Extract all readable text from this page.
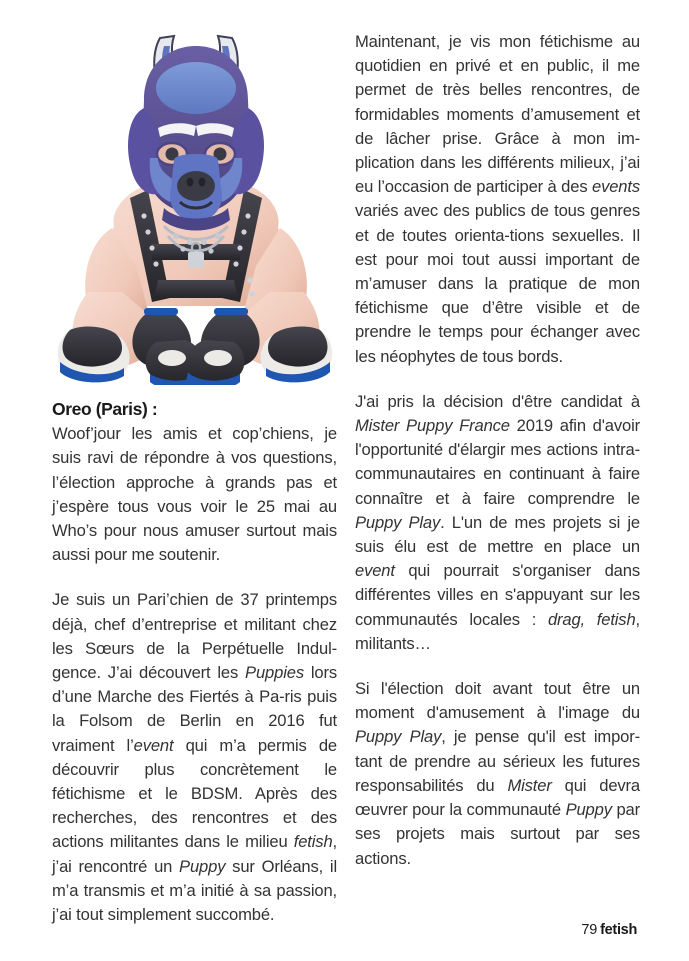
Oreo (Paris) :

Woof’jour les amis et cop’chiens, je suis ravi de répondre à vos questions, l’élection approche à grands pas et j’espère tous vous voir le 25 mai au Who’s pour nous amuser surtout mais aussi pour me soutenir.

Je suis un Pari’chien de 37 printemps déjà, chef d’entreprise et militant chez les Sœurs de la Perpétuelle Indul-gence. J’ai découvert les Puppies lors d’une Marche des Fiertés à Pa-ris puis la Folsom de Berlin en 2016 fut vraiment l’event qui m’a permis de découvrir plus concrètement le fétichisme et le BDSM. Après des recherches, des rencontres et des actions militantes dans le milieu fetish, j’ai rencontré un Puppy sur Orléans, il m’a transmis et m’a initié à sa passion, j’ai tout simplement succombé.

Maintenant, je vis mon fétichisme au quotidien en privé et en public, il me permet de très belles rencontres, de formidables moments d’amusement et de lâcher prise. Grâce à mon im-plication dans les différents milieux, j’ai eu l’occasion de participer à des events variés avec des publics de tous genres et de toutes orienta-tions sexuelles. Il est pour moi tout aussi important de m’amuser dans la pratique de mon fétichisme que d’être visible et de prendre le temps pour échanger avec les néophytes de tous bords.

J'ai pris la décision d'être candidat à Mister Puppy France 2019 afin d'avoir l'opportunité d'élargir mes actions intra-communautaires en continuant à faire connaître et à faire comprendre le Puppy Play. L'un de mes projets si je suis élu est de mettre en place un event qui pourrait s'organiser dans différentes villes en s'appuyant sur les communautés locales : drag, fetish, militants…

Si l'élection doit avant tout être un moment d'amusement à l'image du Puppy Play, je pense qu'il est impor-tant de prendre au sérieux les futures responsabilités du Mister qui devra œuvrer pour la communauté Puppy par ses projets mais surtout par ses actions.

79 fetish
